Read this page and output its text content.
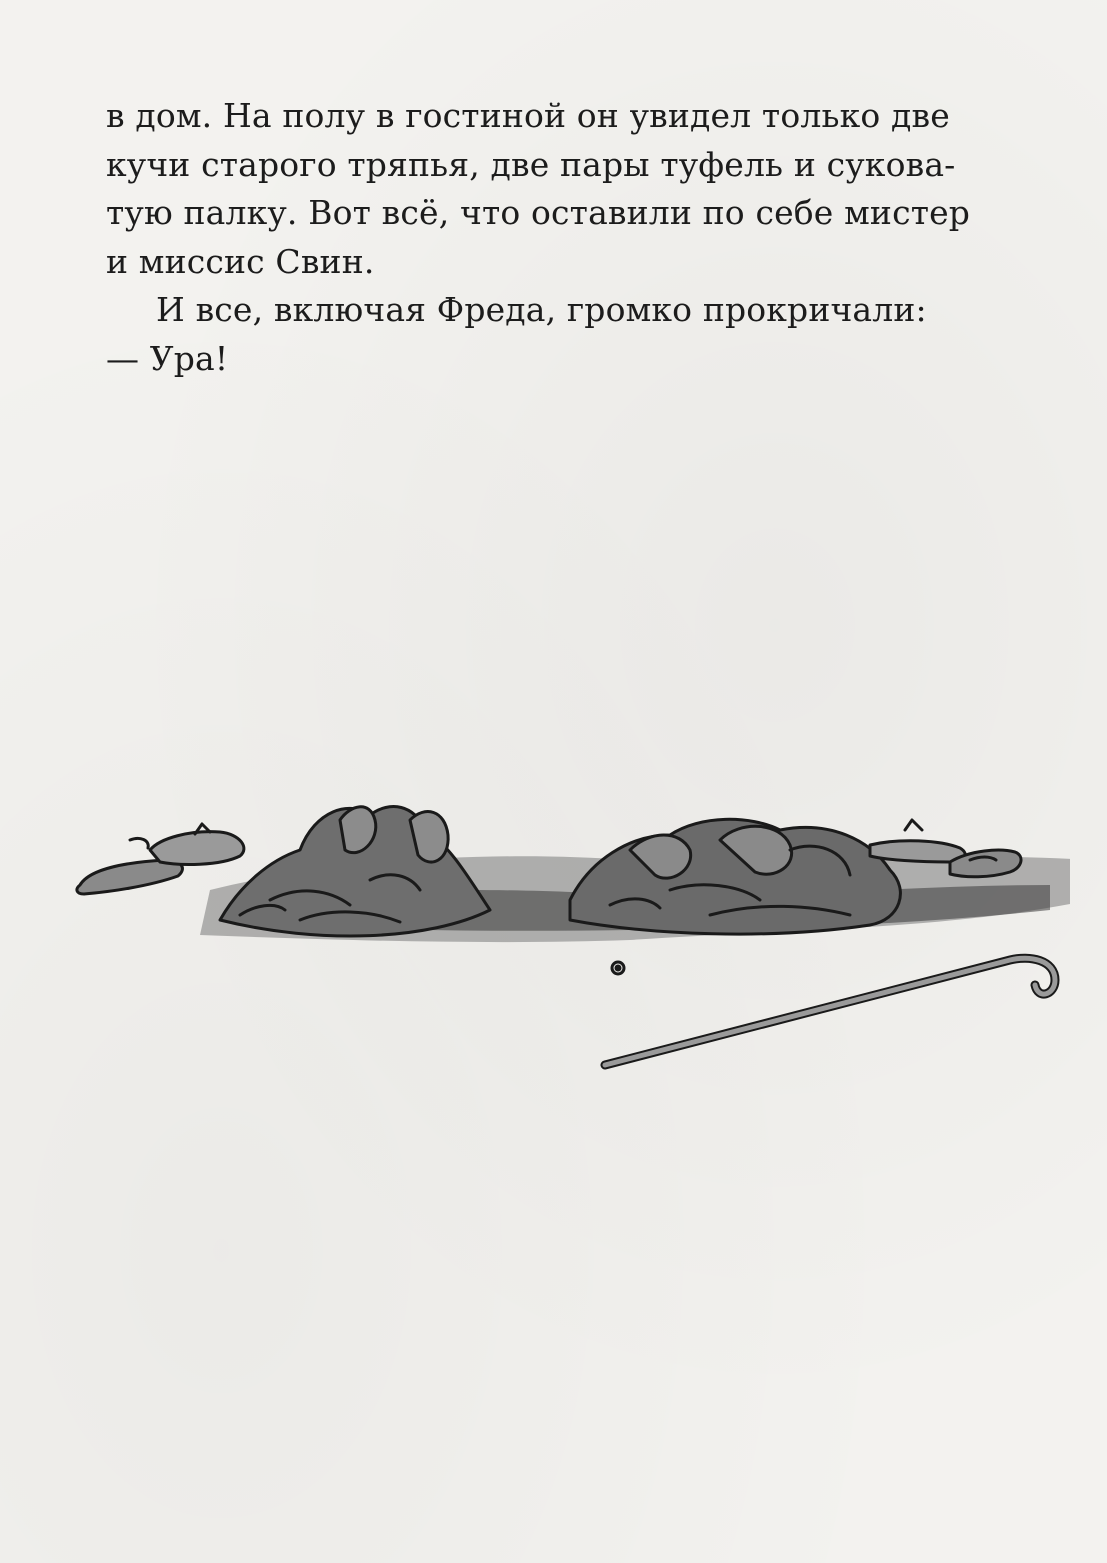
в дом. На полу в гостиной он увидел только две
кучи старого тряпья, две пары туфель и сукова-
тую палку. Вот всё, что оставили по себе мистер
и миссис Свин.
И все, включая Фреда, громко прокричали:
— Ура!
